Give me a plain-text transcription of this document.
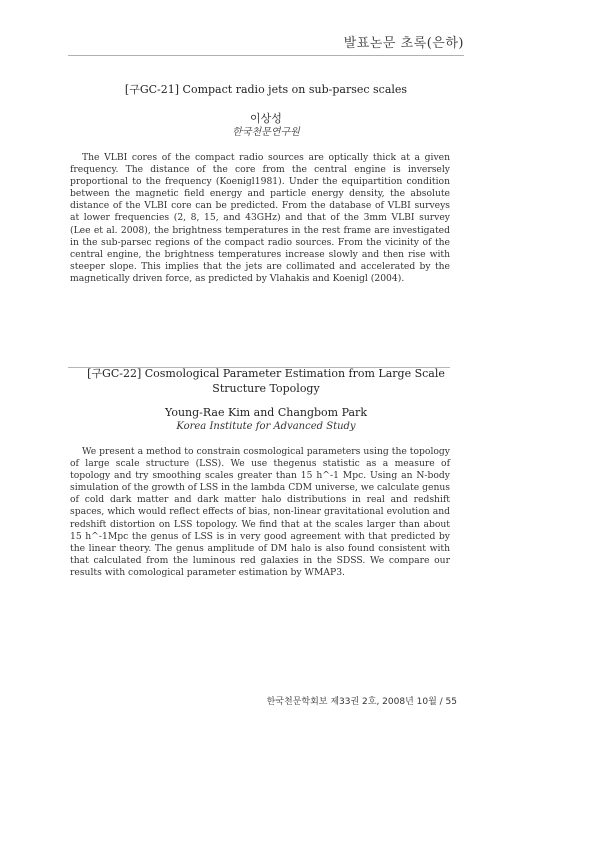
발표논문 초록(은하)
[구GC-21] Compact radio jets on sub-parsec scales
이상성
한국천문연구원
The VLBI cores of the compact radio sources are optically thick at a given frequency. The distance of the core from the central engine is inversely proportional to the frequency (Koenigl1981). Under the equipartition condition between the magnetic field energy and particle energy density, the absolute distance of the VLBI core can be predicted. From the database of VLBI surveys at lower frequencies (2, 8, 15, and 43GHz) and that of the 3mm VLBI survey (Lee et al. 2008), the brightness temperatures in the rest frame are investigated in the sub-parsec regions of the compact radio sources. From the vicinity of the central engine, the brightness temperatures increase slowly and then rise with steeper slope. This implies that the jets are collimated and accelerated by the magnetically driven force, as predicted by Vlahakis and Koenigl (2004).
[구GC-22] Cosmological Parameter Estimation from Large Scale
Structure Topology
Young-Rae Kim and Changbom Park
Korea Institute for Advanced Study
We present a method to constrain cosmological parameters using the topology of large scale structure (LSS). We use thegenus statistic as a measure of topology and try smoothing scales greater than 15 h^-1 Mpc. Using an N-body simulation of the growth of LSS in the lambda CDM universe, we calculate genus of cold dark matter and dark matter halo distributions in real and redshift spaces, which would reflect effects of bias, non-linear gravitational evolution and redshift distortion on LSS topology. We find that at the scales larger than about 15 h^-1Mpc the genus of LSS is in very good agreement with that predicted by the linear theory. The genus amplitude of DM halo is also found consistent with that calculated from the luminous red galaxies in the SDSS. We compare our results with comological parameter estimation by WMAP3.
한국천문학회보 제33권 2호, 2008년 10월 / 55
